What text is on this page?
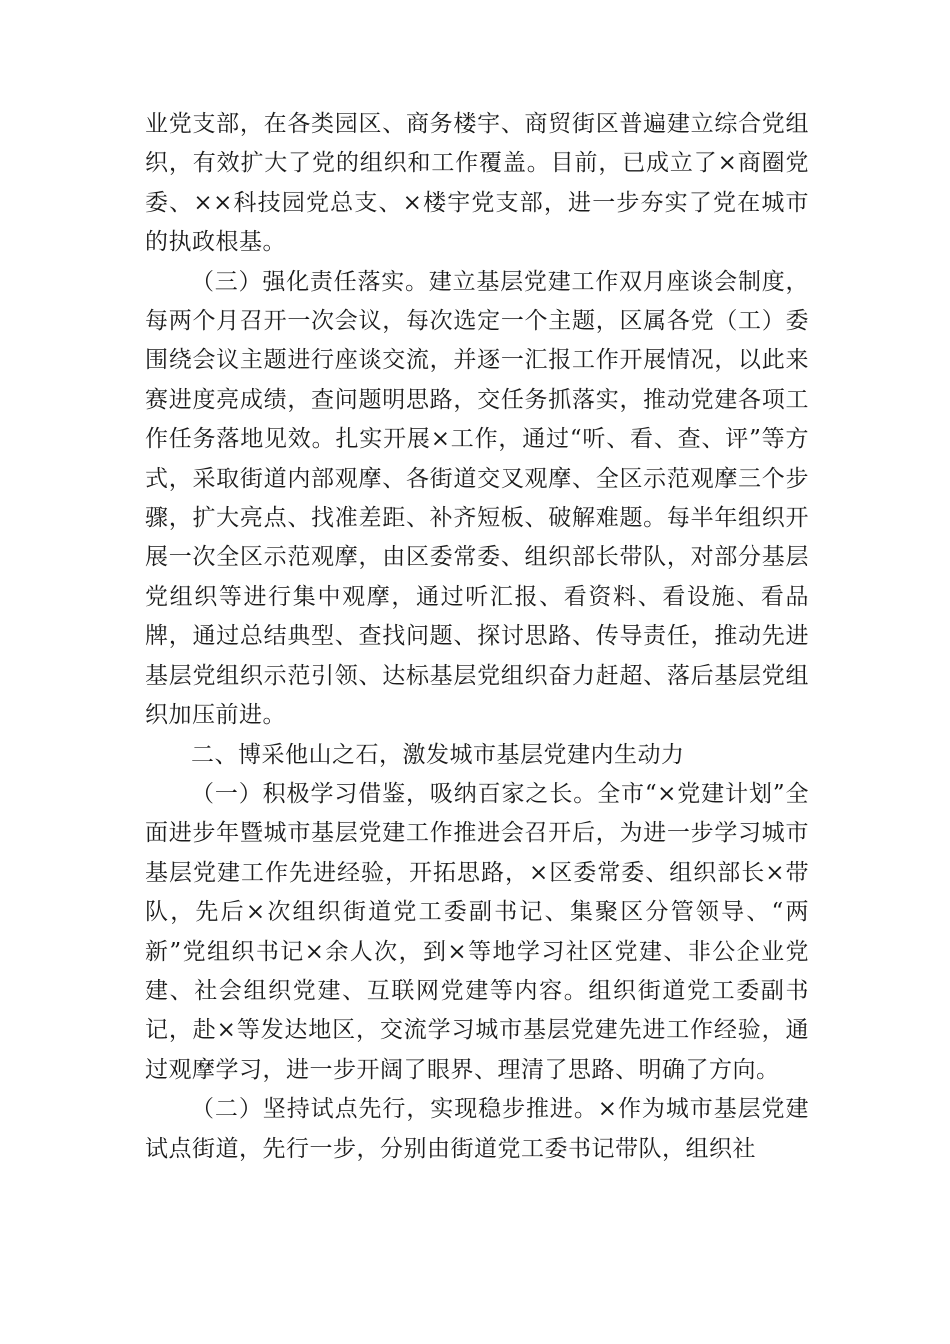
业党支部，在各类园区、商务楼宇、商贸街区普遍建立综合党组织，有效扩大了党的组织和工作覆盖。目前，已成立了×商圈党委、××科技园党总支、×楼宇党支部，进一步夯实了党在城市的执政根基。

（三）强化责任落实。建立基层党建工作双月座谈会制度，每两个月召开一次会议，每次选定一个主题，区属各党（工）委围绕会议主题进行座谈交流，并逐一汇报工作开展情况，以此来赛进度亮成绩，查问题明思路，交任务抓落实，推动党建各项工作任务落地见效。扎实开展×工作，通过“听、看、查、评”等方式，采取街道内部观摩、各街道交叉观摩、全区示范观摩三个步骤，扩大亮点、找准差距、补齐短板、破解难题。每半年组织开展一次全区示范观摩，由区委常委、组织部长带队，对部分基层党组织等进行集中观摩，通过听汇报、看资料、看设施、看品牌，通过总结典型、查找问题、探讨思路、传导责任，推动先进基层党组织示范引领、达标基层党组织奋力赶超、落后基层党组织加压前进。

二、博采他山之石，激发城市基层党建内生动力

（一）积极学习借鉴，吸纳百家之长。全市“×党建计划”全面进步年暨城市基层党建工作推进会召开后，为进一步学习城市基层党建工作先进经验，开拓思路，×区委常委、组织部长×带队，先后×次组织街道党工委副书记、集聚区分管领导、“两新”党组织书记×余人次，到×等地学习社区党建、非公企业党建、社会组织党建、互联网党建等内容。组织街道党工委副书记，赴×等发达地区，交流学习城市基层党建先进工作经验，通过观摩学习，进一步开阔了眼界、理清了思路、明确了方向。

（二）坚持试点先行，实现稳步推进。×作为城市基层党建试点街道，先行一步，分别由街道党工委书记带队，组织社
